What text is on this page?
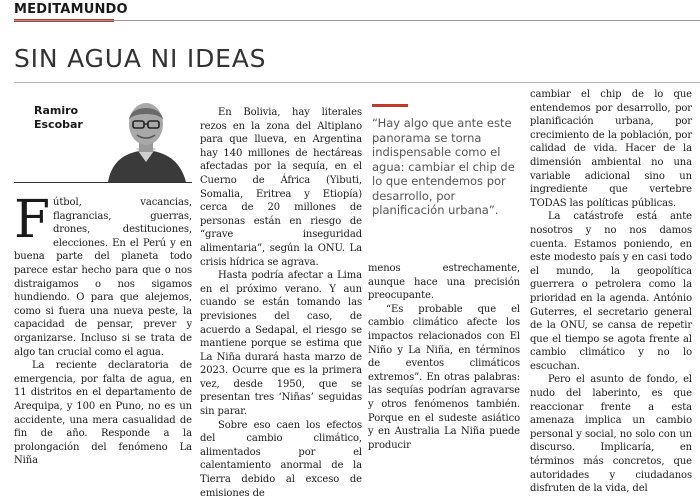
MEDITAMUNDO
SIN AGUA NI IDEAS
Ramiro
Escobar

Fútbol, vacancias, flagrancias, guerras, drones, destituciones, elecciones. En el Perú y en buena parte del planeta todo parece estar hecho para que o nos distraigamos o nos sigamos hundiendo. O para que alejemos, como si fuera una nueva peste, la capacidad de pensar, prever y organizarse. Incluso si se trata de algo tan crucial como el agua.

La reciente declaratoria de emergencia, por falta de agua, en 11 distritos en el departamento de Arequipa, y 100 en Puno, no es un accidente, una mera casualidad de fin de año. Responde a la prolongación del fenómeno La Niña

En Bolivia, hay literales rezos en la zona del Altiplano para que llueva, en Argentina hay 140 millones de hectáreas afectadas por la sequía, en el Cuerno de África (Yibuti, Somalia, Eritrea y Etiopía) cerca de 20 millones de personas están en riesgo de “grave inseguridad alimentaria”, según la ONU. La crisis hídrica se agrava.

Hasta podría afectar a Lima en el próximo verano. Y aun cuando se están tomando las previsiones del caso, de acuerdo a Sedapal, el riesgo se mantiene porque se estima que La Niña durará hasta marzo de 2023. Ocurre que es la primera vez, desde 1950, que se presentan tres ‘Niñas’ seguidas sin parar.

Sobre eso caen los efectos del cambio climático, alimentados por el calentamiento anormal de la Tierra debido al exceso de emisiones de

“Hay algo que ante este panorama se torna indispensable como el agua: cambiar el chip de lo que entendemos por desarrollo, por planificación urbana”.

menos estrechamente, aunque hace una precisión preocupante.

“Es probable que el cambio climático afecte los impactos relacionados con El Niño y La Niña, en términos de eventos climáticos extremos”. En otras palabras: las sequías podrían agravarse y otros fenómenos también. Porque en el sudeste asiático y en Australia La Niña puede producir

cambiar el chip de lo que entendemos por desarrollo, por planificación urbana, por crecimiento de la población, por calidad de vida. Hacer de la dimensión ambiental no una variable adicional sino un ingrediente que vertebre TODAS las políticas públicas.

La catástrofe está ante nosotros y no nos damos cuenta. Estamos poniendo, en este modesto país y en casi todo el mundo, la geopolítica guerrera o petrolera como la prioridad en la agenda. António Guterres, el secretario general de la ONU, se cansa de repetir que el tiempo se agota frente al cambio climático y no lo escuchan.

Pero el asunto de fondo, el nudo del laberinto, es que reaccionar frente a esta amenaza implica un cambio personal y social, no solo con un discurso. Implicaría, en términos más concretos, que autoridades y ciudadanos disfruten de la vida, del
